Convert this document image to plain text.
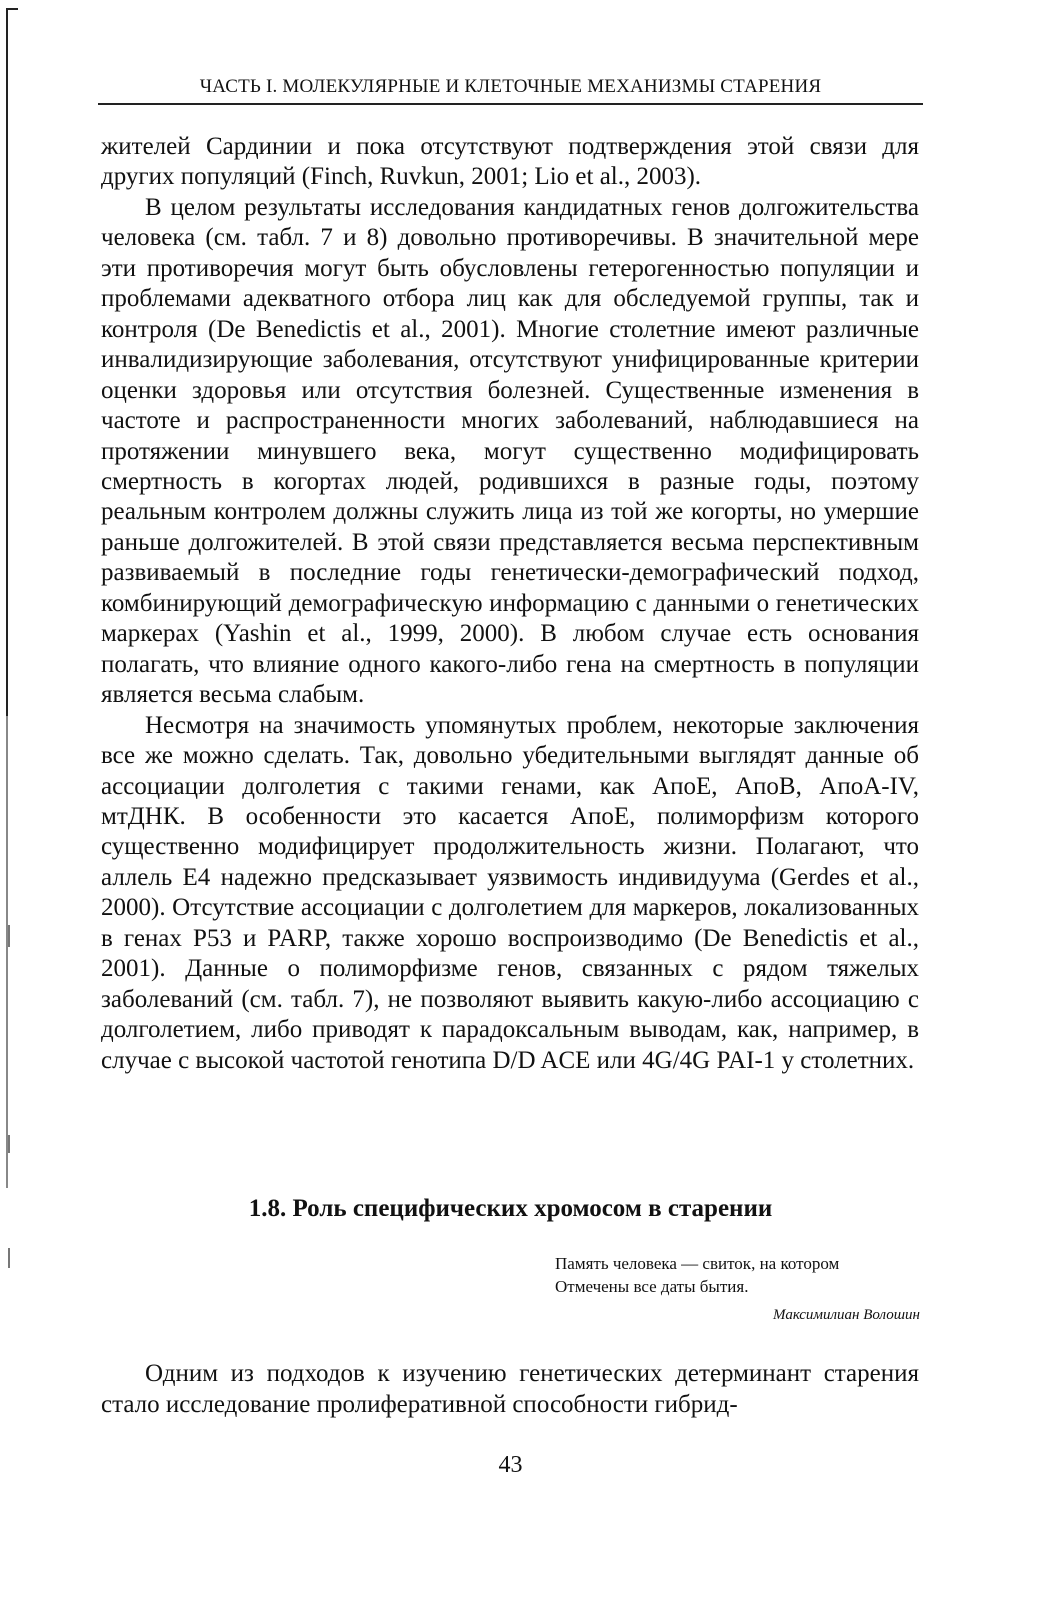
ЧАСТЬ I. МОЛЕКУЛЯРНЫЕ И КЛЕТОЧНЫЕ МЕХАНИЗМЫ СТАРЕНИЯ

жителей Сардинии и пока отсутствуют подтверждения этой связи для других популяций (Finch, Ruvkun, 2001; Lio et al., 2003).

В целом результаты исследования кандидатных генов долгожительства человека (см. табл. 7 и 8) довольно противоречивы. В значительной мере эти противоречия могут быть обусловлены гетерогенностью популяции и проблемами адекватного отбора лиц как для обследуемой группы, так и контроля (De Benedictis et al., 2001). Многие столетние имеют различные инвалидизирующие заболевания, отсутствуют унифицированные критерии оценки здоровья или отсутствия болезней. Существенные изменения в частоте и распространенности многих заболеваний, наблюдавшиеся на протяжении минувшего века, могут существенно модифицировать смертность в когортах людей, родившихся в разные годы, поэтому реальным контролем должны служить лица из той же когорты, но умершие раньше долгожителей. В этой связи представляется весьма перспективным развиваемый в последние годы генетически-демографический подход, комбинирующий демографическую информацию с данными о генетических маркерах (Yashin et al., 1999, 2000). В любом случае есть основания полагать, что влияние одного какого-либо гена на смертность в популяции является весьма слабым.

Несмотря на значимость упомянутых проблем, некоторые заключения все же можно сделать. Так, довольно убедительными выглядят данные об ассоциации долголетия с такими генами, как АпоЕ, АпоВ, АпоА-IV, мтДНК. В особенности это касается АпоЕ, полиморфизм которого существенно модифицирует продолжительность жизни. Полагают, что аллель Е4 надежно предсказывает уязвимость индивидуума (Gerdes et al., 2000). Отсутствие ассоциации с долголетием для маркеров, локализованных в генах Р53 и PARP, также хорошо воспроизводимо (De Benedictis et al., 2001). Данные о полиморфизме генов, связанных с рядом тяжелых заболеваний (см. табл. 7), не позволяют выявить какую-либо ассоциацию с долголетием, либо приводят к парадоксальным выводам, как, например, в случае с высокой частотой генотипа D/D ACE или 4G/4G PAI-1 у столетних.

1.8. Роль специфических хромосом в старении
Память человека — свиток, на котором
Отмечены все даты бытия.
Максимилиан Волошин

Одним из подходов к изучению генетических детерминант старения стало исследование пролиферативной способности гибрид-

43
